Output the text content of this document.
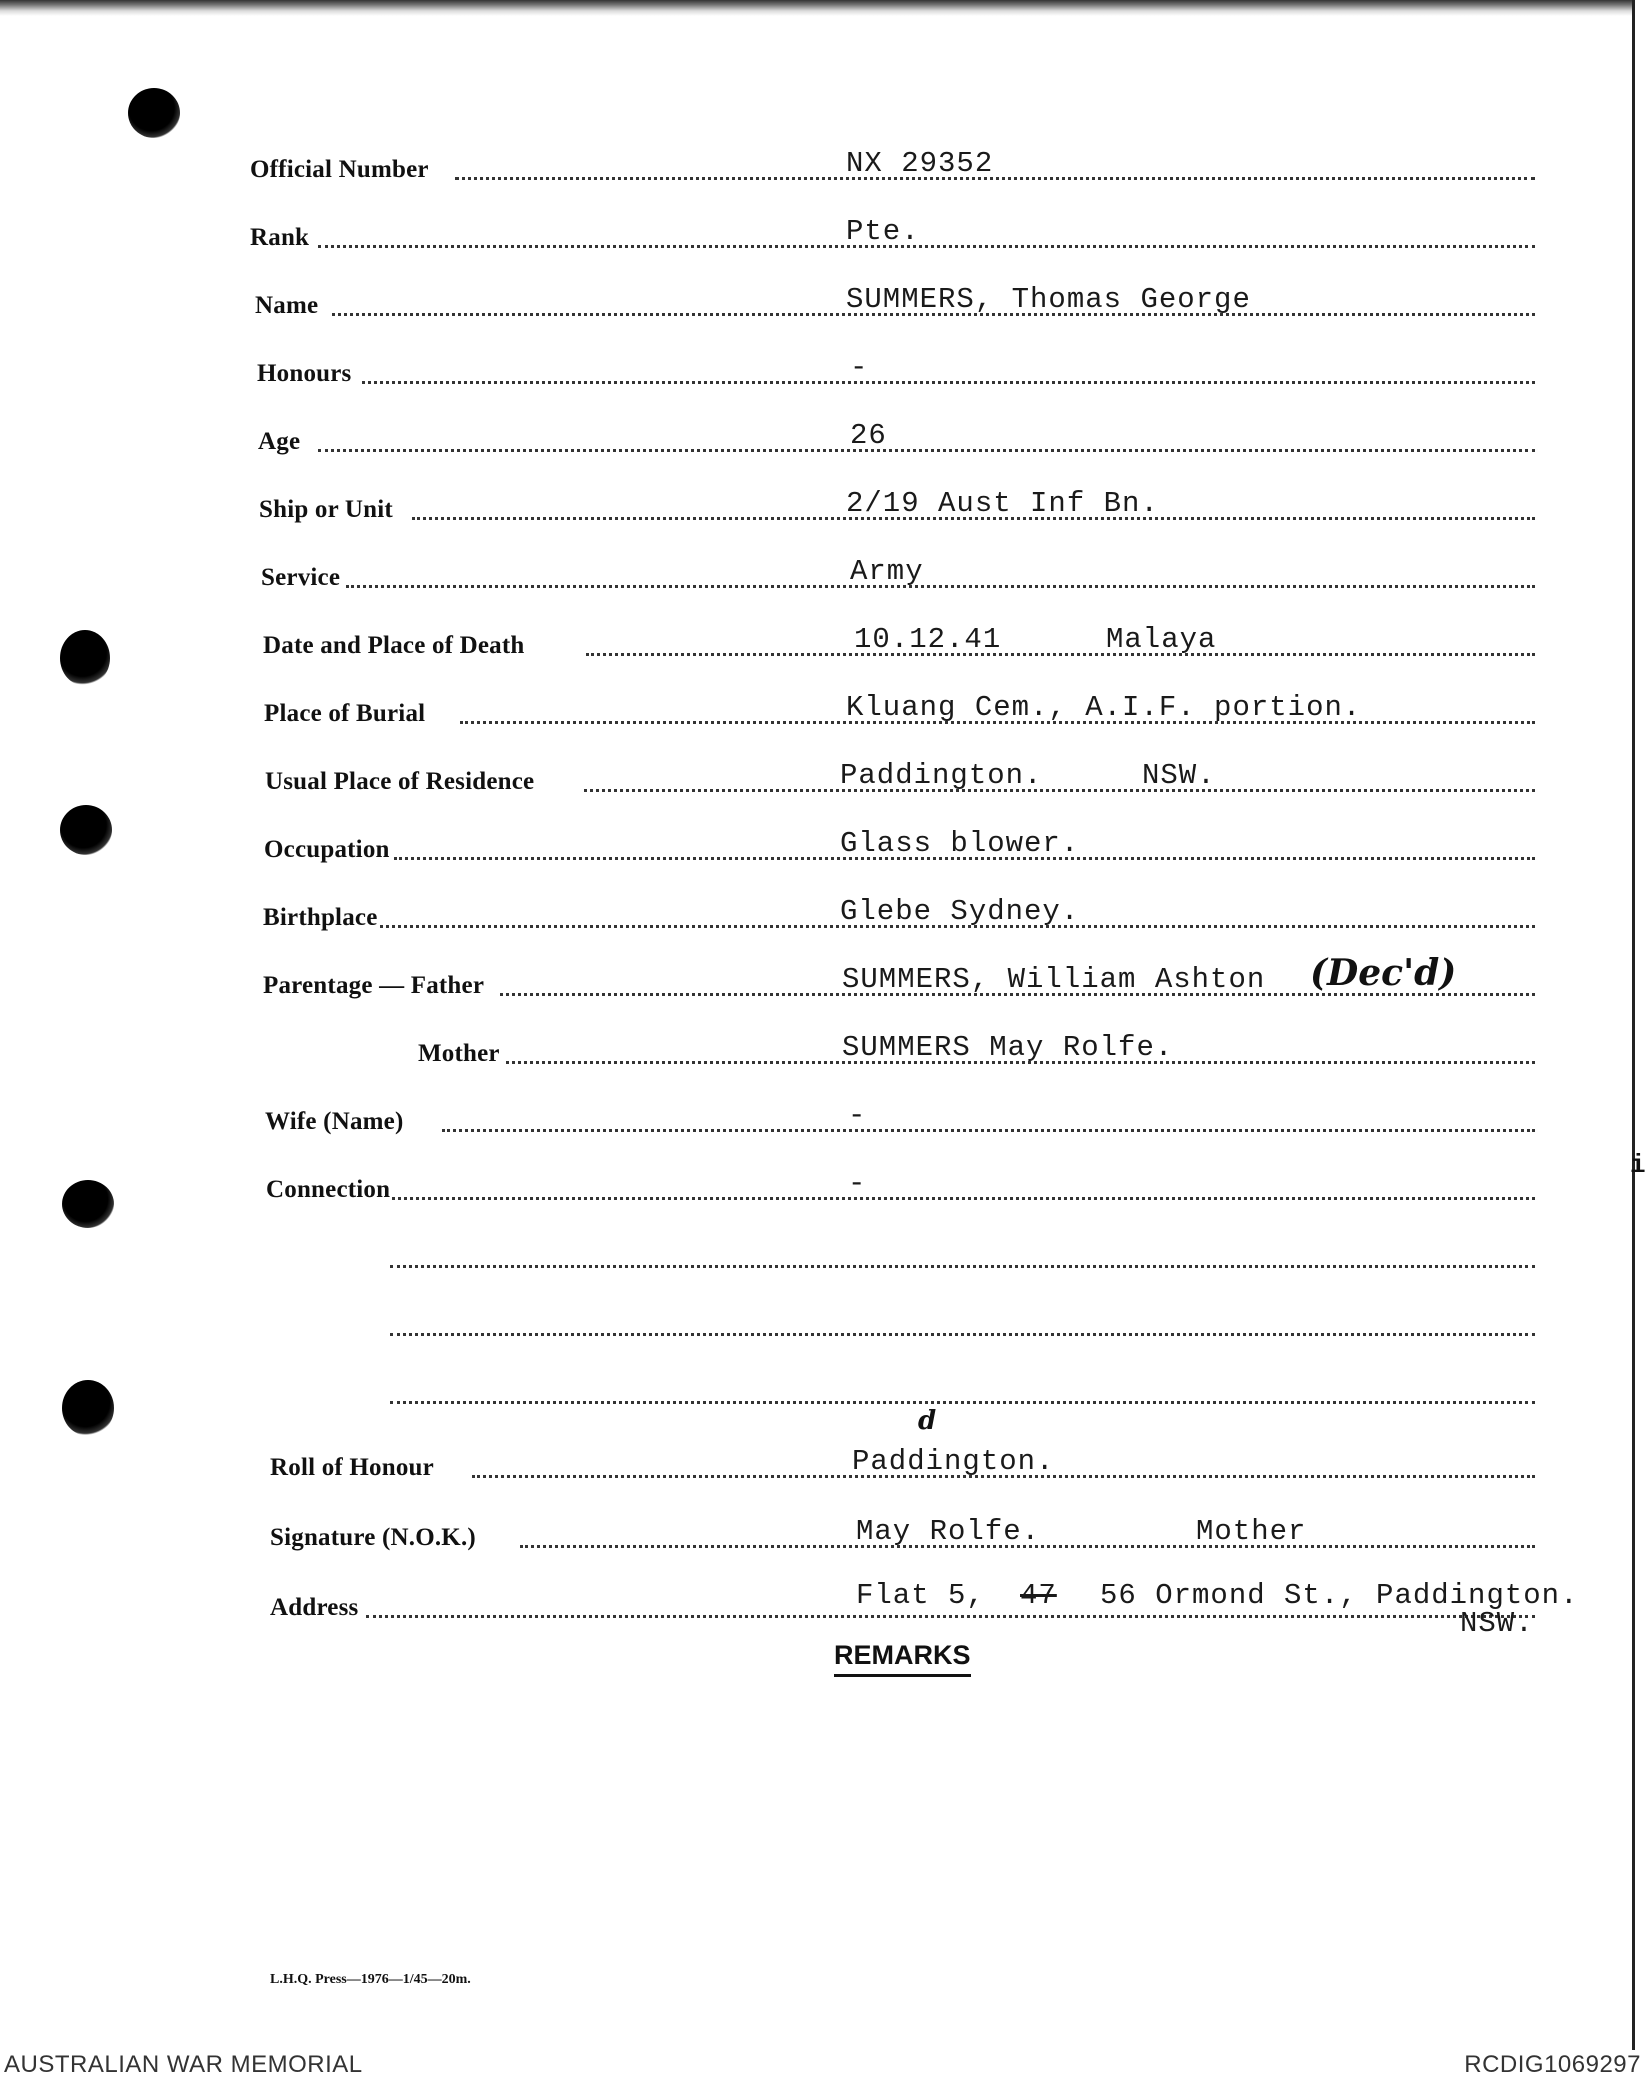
Official Number	NX 29352
Rank	Pte.
Name	SUMMERS, Thomas George
Honours	-
Age	26
Ship or Unit	2/19 Aust Inf Bn.
Service	Army
Date and Place of Death	10.12.41	Malaya
Place of Burial	Kluang Cem., A.I.F. portion.
Usual Place of Residence	Paddington.	NSW.
Occupation	Glass blower.
Birthplace	Glebe Sydney.
Parentage — Father	SUMMERS, William Ashton (Dec'd)
Mother	SUMMERS May Rolfe.
Wife (Name)	-
Connection	-
Roll of Honour	Paddington.
d
Signature (N.O.K.)	May Rolfe.	Mother
Address	Flat 5, 47 56 Ormond St., Paddington.
NSW.
REMARKS
i
L.H.Q. Press—1976—1/45—20m.
AUSTRALIAN WAR MEMORIAL	RCDIG1069297
